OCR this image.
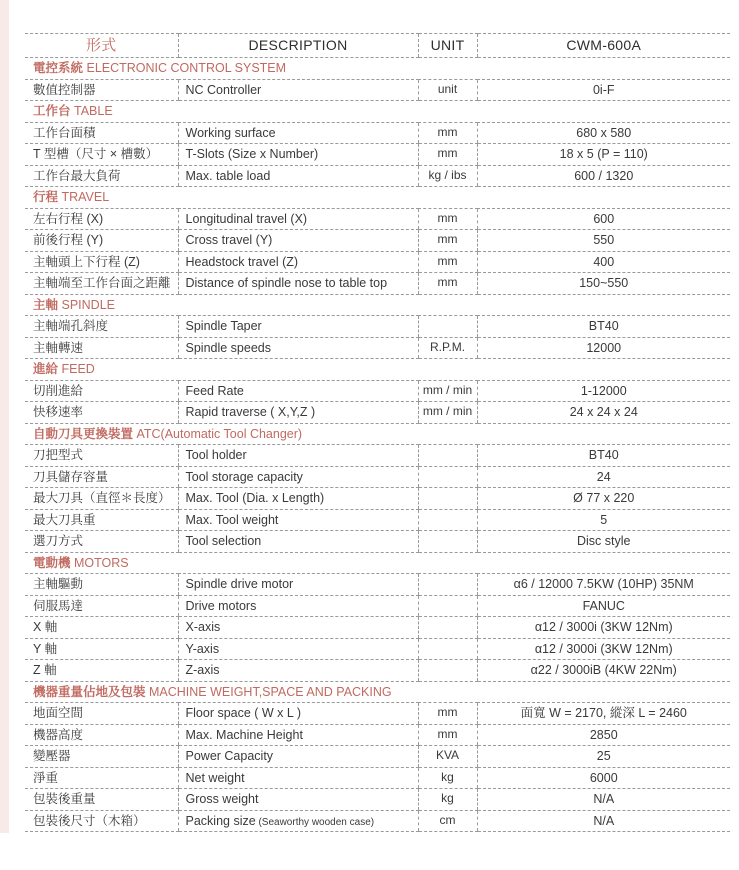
形式	DESCRIPTION	UNIT	CWM-600A
電控系統 ELECTRONIC CONTROL SYSTEM			
數值控制器	NC Controller	unit	0i-F
工作台 TABLE			
工作台面積	Working surface	mm	680 x 580
T 型槽（尺寸 × 槽數）	T-Slots (Size x Number)	mm	18 x 5 (P = 110)
工作台最大負荷	Max. table load	kg / ibs	600 / 1320
行程 TRAVEL			
左右行程 (X)	Longitudinal travel (X)	mm	600
前後行程 (Y)	Cross travel (Y)	mm	550
主軸頭上下行程 (Z)	Headstock travel (Z)	mm	400
主軸端至工作台面之距離	Distance of spindle nose to table top	mm	150~550
主軸 SPINDLE			
主軸端孔斜度	Spindle Taper		BT40
主軸轉速	Spindle speeds	R.P.M.	12000
進給 FEED			
切削進給	Feed Rate	mm / min	1-12000
快移速率	Rapid traverse ( X,Y,Z )	mm / min	24 x 24 x 24
自動刀具更換裝置 ATC(Automatic Tool Changer)			
刀把型式	Tool holder		BT40
刀具儲存容量	Tool storage capacity		24
最大刀具（直徑＊長度）	Max. Tool (Dia. x Length)		Ø 77 x 220
最大刀具重	Max. Tool weight		5
選刀方式	Tool selection		Disc style
電動機 MOTORS			
主軸驅動	Spindle drive motor		α6 / 12000 7.5KW (10HP) 35NM
伺服馬達	Drive motors		FANUC
X 軸	X-axis		α12 / 3000i (3KW 12Nm)
Y 軸	Y-axis		α12 / 3000i (3KW 12Nm)
Z 軸	Z-axis		α22 / 3000iB (4KW 22Nm)
機器重量佔地及包裝 MACHINE WEIGHT,SPACE AND PACKING			
地面空間	Floor space ( W x L )	mm	面寬 W = 2170, 縱深 L = 2460
機器高度	Max. Machine Height	mm	2850
變壓器	Power Capacity	KVA	25
淨重	Net weight	kg	6000
包裝後重量	Gross weight	kg	N/A
包裝後尺寸（木箱）	Packing size (Seaworthy wooden case)	cm	N/A
